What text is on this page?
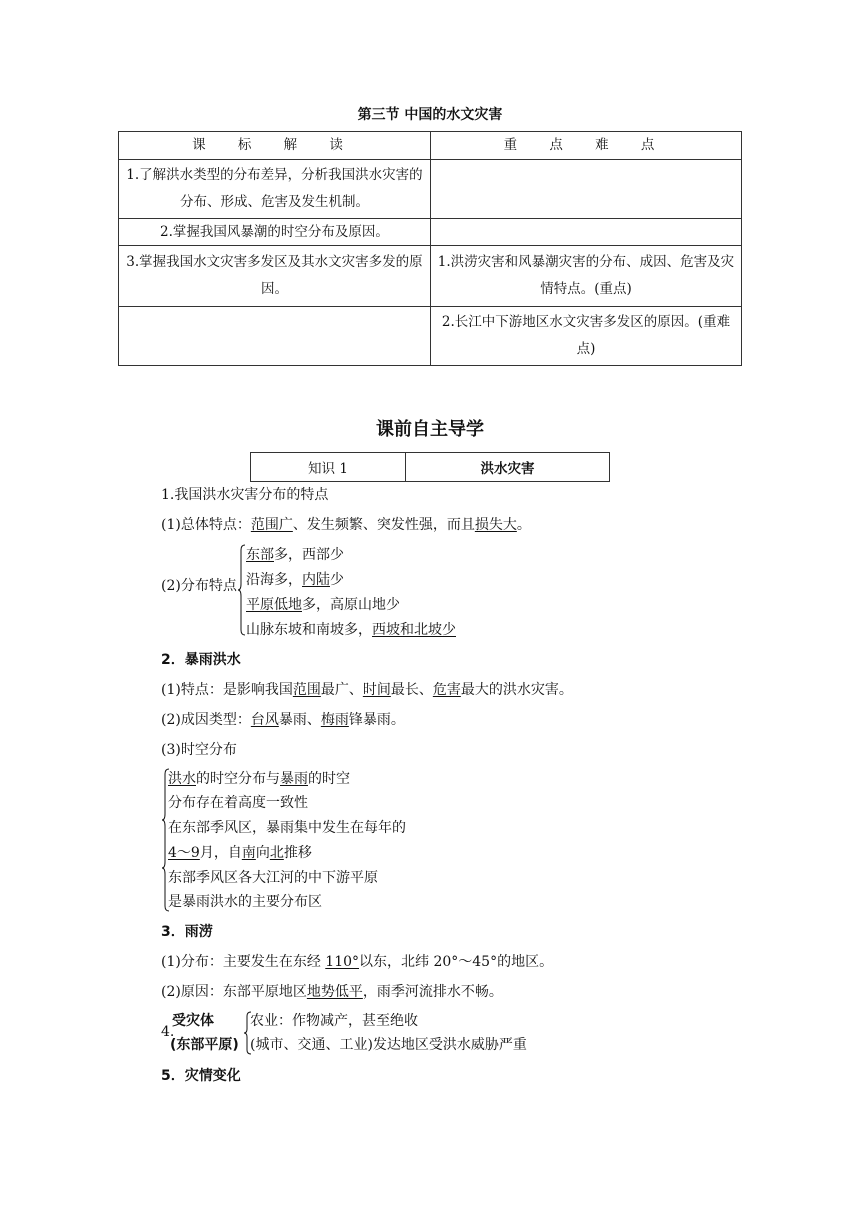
第三节 中国的水文灾害
课 标 解 读	重 点 难 点
1.了解洪水类型的分布差异，分析我国洪水灾害的分布、形成、危害及发生机制。	
2.掌握我国风暴潮的时空分布及原因。	
3.掌握我国水文灾害多发区及其水文灾害多发的原因。	1.洪涝灾害和风暴潮灾害的分布、成因、危害及灾情特点。(重点)
	2.长江中下游地区水文灾害多发区的原因。(重难点)
课前自主导学
知识 1	洪水灾害
1.我国洪水灾害分布的特点
(1)总体特点：范围广、发生频繁、突发性强，而且损失大。
(2)分布特点
东部多，西部少
沿海多，内陆少
平原低地多，高原山地少
山脉东坡和南坡多，西坡和北坡少
2．暴雨洪水
(1)特点：是影响我国范围最广、时间最长、危害最大的洪水灾害。
(2)成因类型：台风暴雨、梅雨锋暴雨。
(3)时空分布
洪水的时空分布与暴雨的时空
分布存在着高度一致性
在东部季风区，暴雨集中发生在每年的
4～9月，自南向北推移
东部季风区各大江河的中下游平原
是暴雨洪水的主要分布区
3．雨涝
(1)分布：主要发生在东经 110°以东，北纬 20°～45°的地区。
(2)原因：东部平原地区地势低平，雨季河流排水不畅。
4.
受灾体
(东部平原)
农业：作物减产，甚至绝收
(城市、交通、工业)发达地区受洪水威胁严重
5．灾情变化
